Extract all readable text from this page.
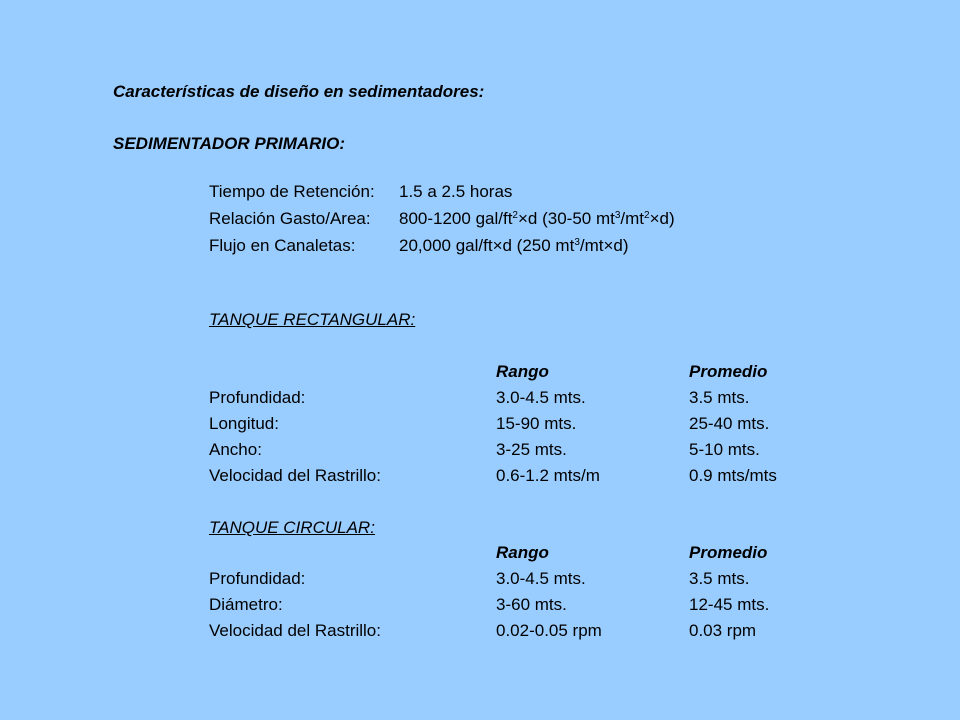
Características de diseño en sedimentadores:
SEDIMENTADOR PRIMARIO:
Tiempo de Retención: 1.5 a 2.5 horas
Relación Gasto/Area: 800-1200 gal/$ft^2\times d$ (30-50 $mt^3/mt^2\times d$)
Flujo en Canaletas:	20,000 gal/ft×d (250 $mt^3/mt\times d$)
TANQUE RECTANGULAR:
Rango	Promedio
Profundidad:	3.0-4.5 mts.	3.5 mts.
Longitud:	15-90 mts.	25-40 mts.
Ancho:	3-25 mts.	5-10 mts.
Velocidad del Rastrillo:	0.6-1.2 mts/m	0.9 mts/mts
TANQUE CIRCULAR:
Rango	Promedio
Profundidad:	3.0-4.5 mts.	3.5 mts.
Diámetro:	3-60 mts.	12-45 mts.
Velocidad del Rastrillo:	0.02-0.05 rpm	0.03 rpm
